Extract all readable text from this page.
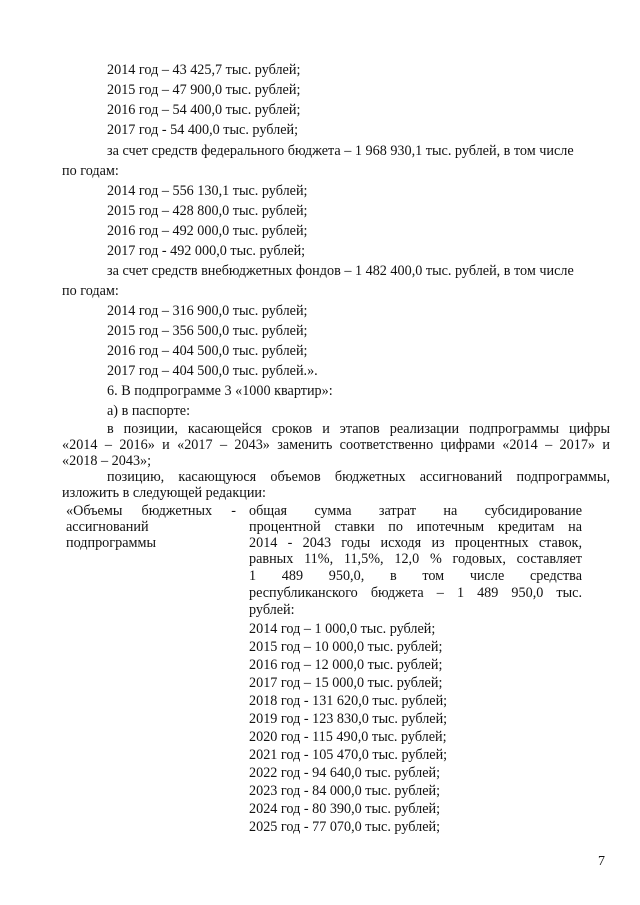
2014 год – 43 425,7 тыс. рублей;
2015 год – 47 900,0 тыс. рублей;
2016 год – 54 400,0 тыс. рублей;
2017 год - 54 400,0 тыс. рублей;
за счет средств федерального бюджета – 1 968 930,1 тыс. рублей, в том числе
по годам:
2014 год – 556 130,1 тыс. рублей;
2015 год – 428 800,0 тыс. рублей;
2016 год – 492 000,0 тыс. рублей;
2017 год - 492 000,0 тыс. рублей;
за счет средств внебюджетных фондов – 1 482 400,0 тыс. рублей, в том числе
по годам:
2014 год – 316 900,0 тыс. рублей;
2015 год – 356 500,0 тыс. рублей;
2016 год – 404 500,0 тыс. рублей;
2017 год – 404 500,0 тыс. рублей.».
6. В подпрограмме 3 «1000 квартир»:
а) в паспорте:
в позиции, касающейся сроков и этапов реализации подпрограммы цифры
«2014 – 2016» и «2017 – 2043» заменить соответственно цифрами «2014 – 2017» и
«2018 – 2043»;
позицию, касающуюся объемов бюджетных ассигнований подпрограммы,
изложить в следующей редакции:
«Объемы бюджетных -
ассигнований
подпрограммы
общая сумма затрат на субсидирование
процентной ставки по ипотечным кредитам на
2014 - 2043 годы исходя из процентных ставок,
равных 11%, 11,5%, 12,0 % годовых, составляет
1 489 950,0, в том числе средства
республиканского бюджета – 1 489 950,0 тыс.
рублей:
2014 год – 1 000,0 тыс. рублей;
2015 год – 10 000,0 тыс. рублей;
2016 год – 12 000,0 тыс. рублей;
2017 год – 15 000,0 тыс. рублей;
2018 год - 131 620,0 тыс. рублей;
2019 год - 123 830,0 тыс. рублей;
2020 год - 115 490,0 тыс. рублей;
2021 год - 105 470,0 тыс. рублей;
2022 год - 94 640,0 тыс. рублей;
2023 год - 84 000,0 тыс. рублей;
2024 год - 80 390,0 тыс. рублей;
2025 год - 77 070,0 тыс. рублей;
7
